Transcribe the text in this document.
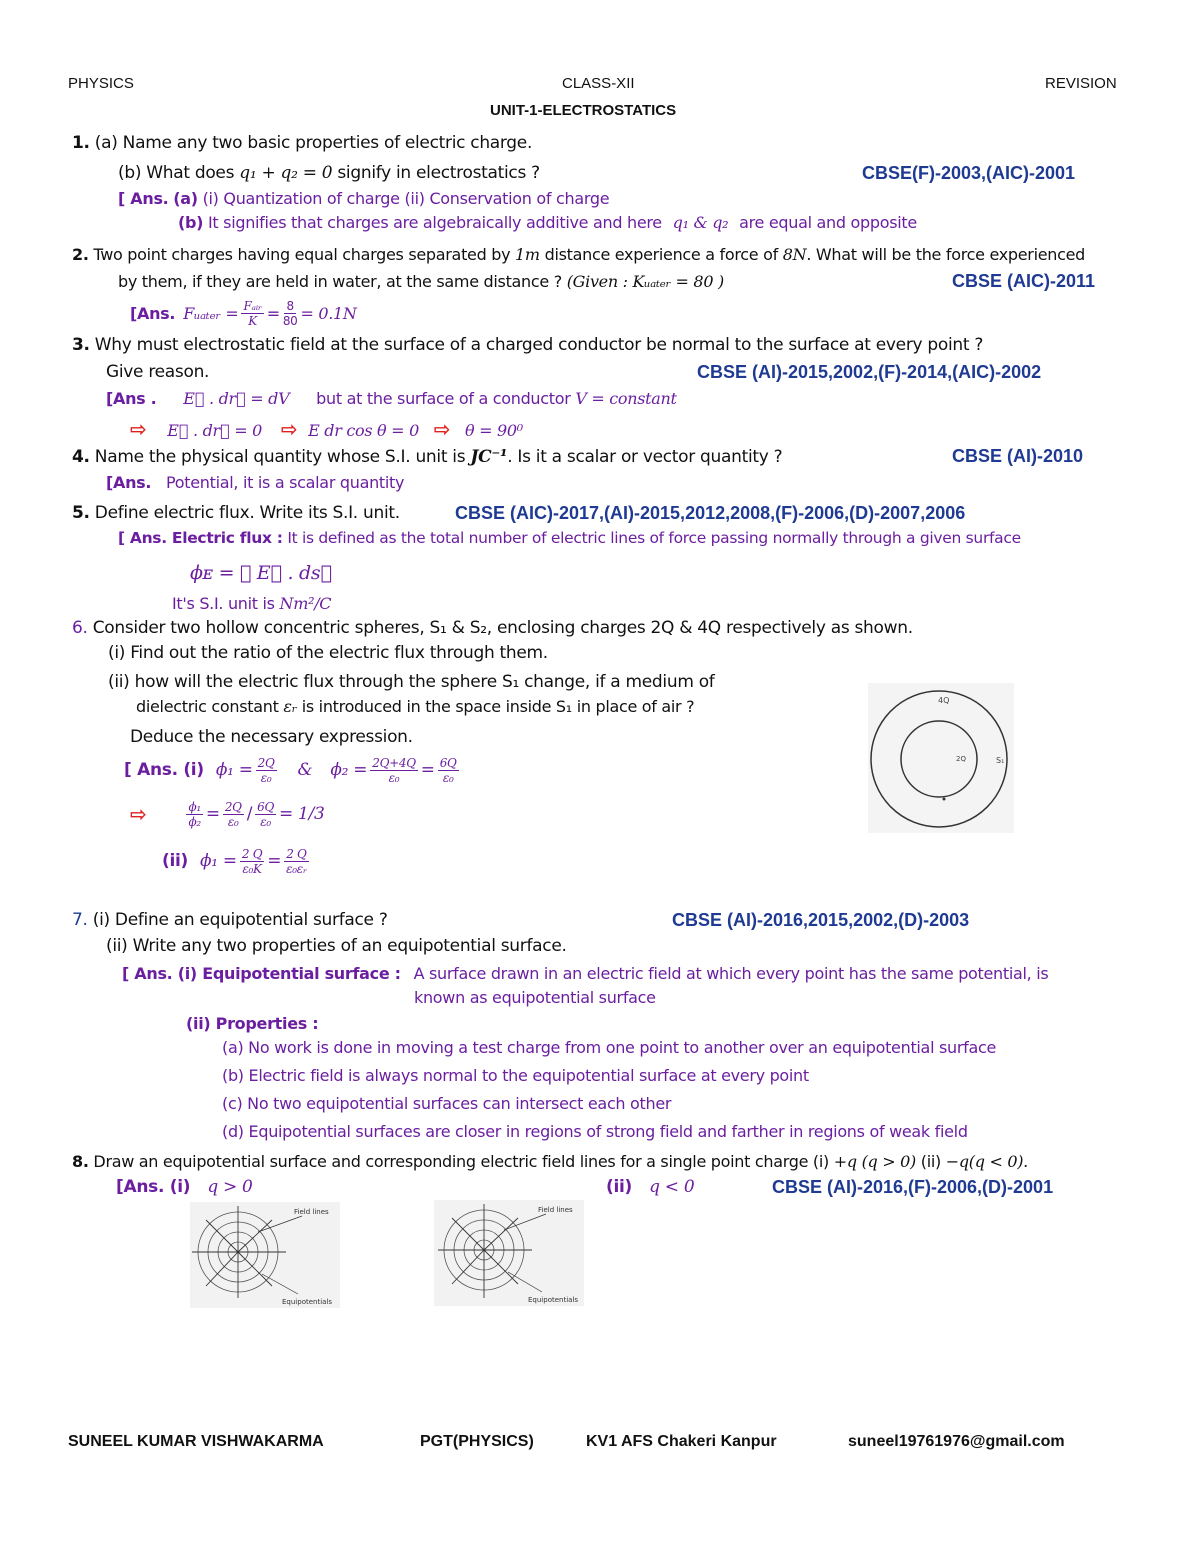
PHYSICS	CLASS-XII	REVISION
UNIT-1-ELECTROSTATICS
1. (a) Name any two basic properties of electric charge.
(b) What does q₁ + q₂ = 0 signify in electrostatics ?	CBSE(F)-2003,(AIC)-2001
[ Ans. (a) (i) Quantization of charge (ii) Conservation of charge
(b) It signifies that charges are algebraically additive and here q₁ & q₂ are equal and opposite
2. Two point charges having equal charges separated by 1m distance experience a force of 8N. What will be the force experienced
by them, if they are held in water, at the same distance ? (Given : Kᵤₐₜₑᵣ = 80 )	CBSE (AIC)-2011
[Ans. Fᵤₐₜₑᵣ = $\frac{\text{Fₐᵢᵣ}}{K} = \frac{8}{80} = 0.1N$
3. Why must electrostatic field at the surface of a charged conductor be normal to the surface at every point ?
Give reason.	CBSE (AI)-2015,2002,(F)-2014,(AIC)-2002
[Ans . E⃗ . dr⃗ = dV but at the surface of a conductor V = constant
⇨ E⃗ . dr⃗ = 0 ⇨ E dr cos θ = 0 ⇨ θ = 90⁰
4. Name the physical quantity whose S.I. unit is JC⁻¹. Is it a scalar or vector quantity ?	CBSE (AI)-2010
[Ans. Potential, it is a scalar quantity
5. Define electric flux. Write its S.I. unit.	CBSE (AIC)-2017,(AI)-2015,2012,2008,(F)-2006,(D)-2007,2006
[ Ans. Electric flux : It is defined as the total number of electric lines of force passing normally through a given surface
ϕᴇ = ∮ E⃗ . ds⃗
It's S.I. unit is Nm²/C
6. Consider two hollow concentric spheres, S₁ & S₂, enclosing charges 2Q & 4Q respectively as shown.
(i) Find out the ratio of the electric flux through them.
(ii) how will the electric flux through the sphere S₁ change, if a medium of
dielectric constant εᵣ is introduced in the space inside S₁ in place of air ?
Deduce the necessary expression.
[ Ans. (i) $\phi_1 = \frac{2Q}{\text{ε₀}}$ & $\phi_2 = \frac{2Q+4Q}{\text{ε₀}} = \frac{6Q}{\text{ε₀}}$
⇨	$\frac{\text{ϕ₁}}{\text{ϕ₂}} = \frac{2Q}{\text{ε₀}} / \frac{6Q}{\text{ε₀}} = 1/3$
(ii) $\phi_1 = \frac{2 Q}{\text{ε₀K}} = \frac{2 Q}{\text{ε₀εᵣ}}$
4Q
2Q	S₁
7. (i) Define an equipotential surface ?	CBSE (AI)-2016,2015,2002,(D)-2003
(ii) Write any two properties of an equipotential surface.
[ Ans. (i) Equipotential surface : A surface drawn in an electric field at which every point has the same potential, is
known as equipotential surface
(ii) Properties :
(a) No work is done in moving a test charge from one point to another over an equipotential surface
(b) Electric field is always normal to the equipotential surface at every point
(c) No two equipotential surfaces can intersect each other
(d) Equipotential surfaces are closer in regions of strong field and farther in regions of weak field
8. Draw an equipotential surface and corresponding electric field lines for a single point charge (i) +q (q > 0) (ii) −q(q < 0).
[Ans. (i) q > 0	(ii) q < 0	CBSE (AI)-2016,(F)-2006,(D)-2001
Field lines
Equipotentials
Field lines
Equipotentials
SUNEEL KUMAR VISHWAKARMA	PGT(PHYSICS)	KV1 AFS Chakeri Kanpur	suneel19761976@gmail.com
